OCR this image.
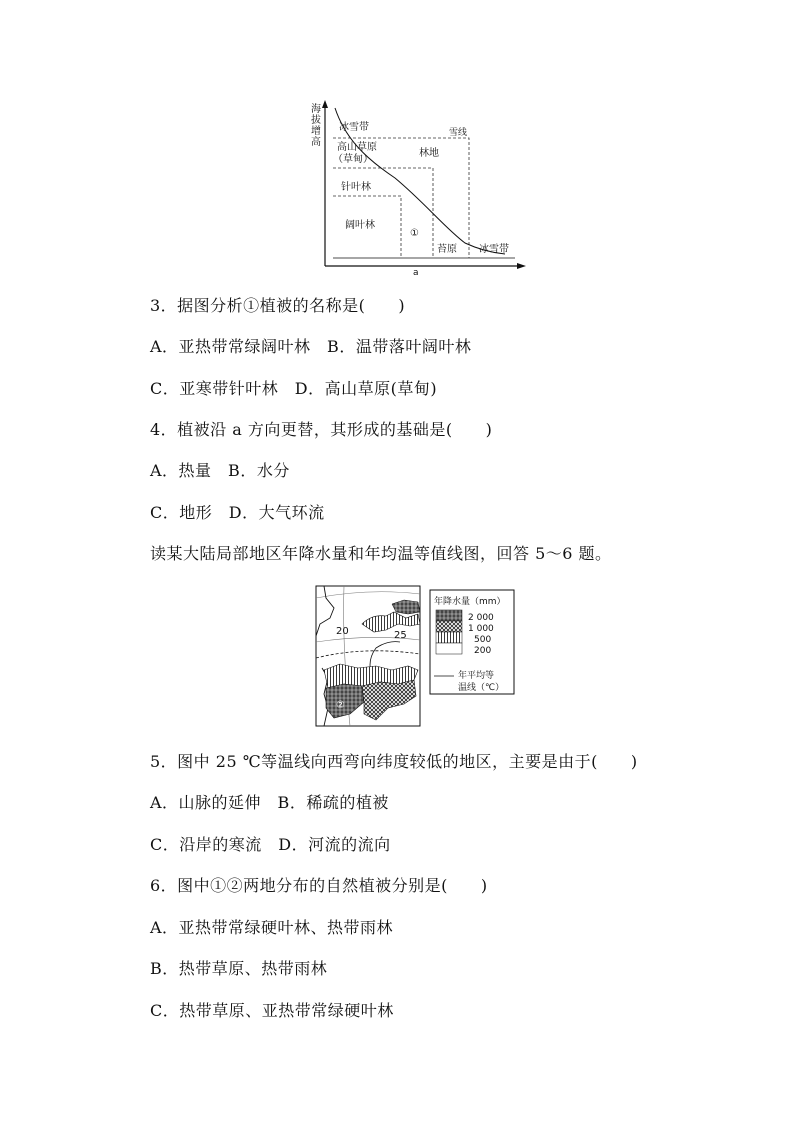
海
拔
增
高
a
冰雪带	雪线
高山草原
（草甸）
林地
针叶林
阔叶林
①
苔原 冰雪带
3．据图分析①植被的名称是(　　)
A．亚热带常绿阔叶林　B．温带落叶阔叶林
C．亚寒带针叶林　D．高山草原(草甸)
4．植被沿 a 方向更替，其形成的基础是(　　)
A．热量　B．水分
C．地形　D．大气环流
读某大陆局部地区年降水量和年均温等值线图，回答 5～6 题。
20	25
②
年降水量（mm）
2 000
1 000
500
200
年平均等
温线（℃）
5．图中 25 ℃等温线向西弯向纬度较低的地区，主要是由于(　　)
A．山脉的延伸　B．稀疏的植被
C．沿岸的寒流　D．河流的流向
6．图中①②两地分布的自然植被分别是(　　)
A．亚热带常绿硬叶林、热带雨林
B．热带草原、热带雨林
C．热带草原、亚热带常绿硬叶林
